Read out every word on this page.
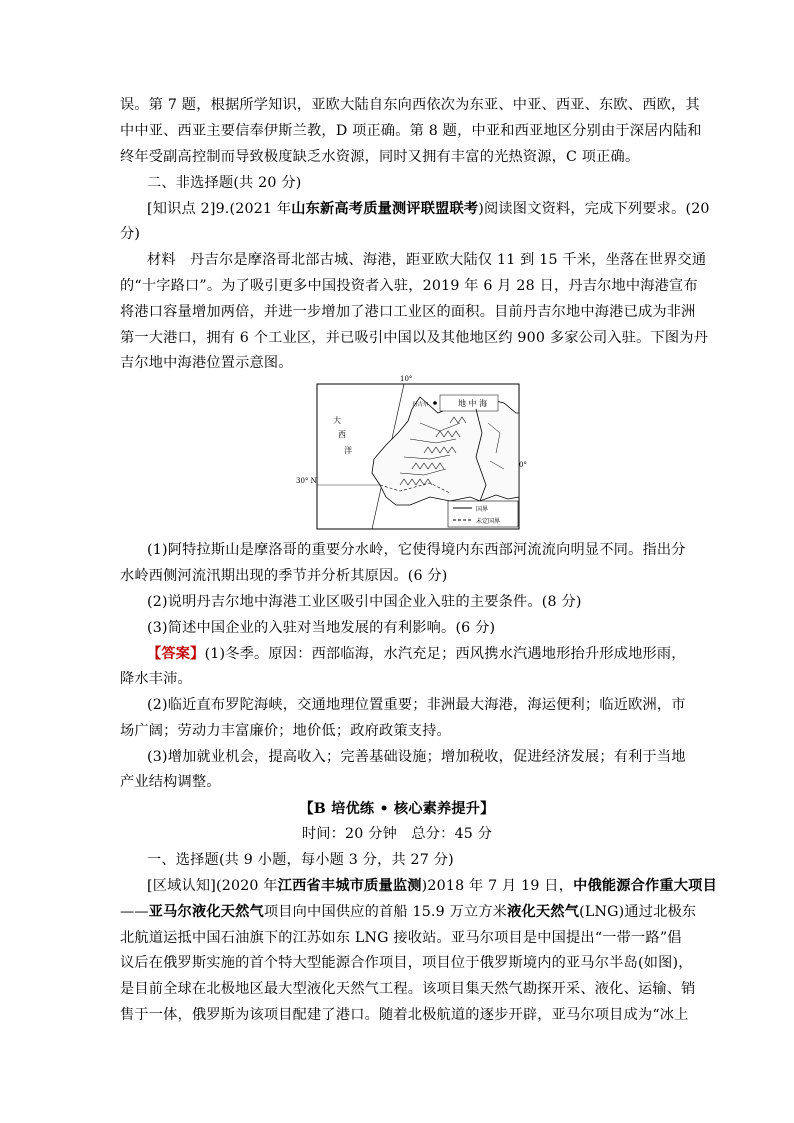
误。第 7 题，根据所学知识，亚欧大陆自东向西依次为东亚、中亚、西亚、东欧、西欧，其
中中亚、西亚主要信奉伊斯兰教，D 项正确。第 8 题，中亚和西亚地区分别由于深居内陆和
终年受副高控制而导致极度缺乏水资源，同时又拥有丰富的光热资源，C 项正确。
二、非选择题(共 20 分)
[知识点 2]9.(2021 年山东新高考质量测评联盟联考)阅读图文资料，完成下列要求。(20
分)
材料　丹吉尔是摩洛哥北部古城、海港，距亚欧大陆仅 11 到 15 千米，坐落在世界交通
的“十字路口”。为了吸引更多中国投资者入驻，2019 年 6 月 28 日，丹吉尔地中海港宣布
将港口容量增加两倍，并进一步增加了港口工业区的面积。目前丹吉尔地中海港已成为非洲
第一大港口，拥有 6 个工业区，并已吸引中国以及其他地区约 900 多家公司入驻。下图为丹
吉尔地中海港位置示意图。
10°
0°
30° N
地 中 海
大
西
洋
丹吉尔
国界
未定国界
(1)阿特拉斯山是摩洛哥的重要分水岭，它使得境内东西部河流流向明显不同。指出分
水岭西侧河流汛期出现的季节并分析其原因。(6 分)
(2)说明丹吉尔地中海港工业区吸引中国企业入驻的主要条件。(8 分)
(3)简述中国企业的入驻对当地发展的有利影响。(6 分)
【答案】(1)冬季。原因：西部临海，水汽充足；西风携水汽遇地形抬升形成地形雨，
降水丰沛。
(2)临近直布罗陀海峡，交通地理位置重要；非洲最大海港，海运便利；临近欧洲，市
场广阔；劳动力丰富廉价；地价低；政府政策支持。
(3)增加就业机会，提高收入；完善基础设施；增加税收，促进经济发展；有利于当地
产业结构调整。
【B 培优练 • 核心素养提升】
时间：20 分钟　总分：45 分
一、选择题(共 9 小题，每小题 3 分，共 27 分)
[区域认知](2020 年江西省丰城市质量监测)2018 年 7 月 19 日，中俄能源合作重大项目
——亚马尔液化天然气项目向中国供应的首船 15.9 万立方米液化天然气(LNG)通过北极东
北航道运抵中国石油旗下的江苏如东 LNG 接收站。亚马尔项目是中国提出“一带一路”倡
议后在俄罗斯实施的首个特大型能源合作项目，项目位于俄罗斯境内的亚马尔半岛(如图)，
是目前全球在北极地区最大型液化天然气工程。该项目集天然气勘探开采、液化、运输、销
售于一体，俄罗斯为该项目配建了港口。随着北极航道的逐步开辟，亚马尔项目成为“冰上
